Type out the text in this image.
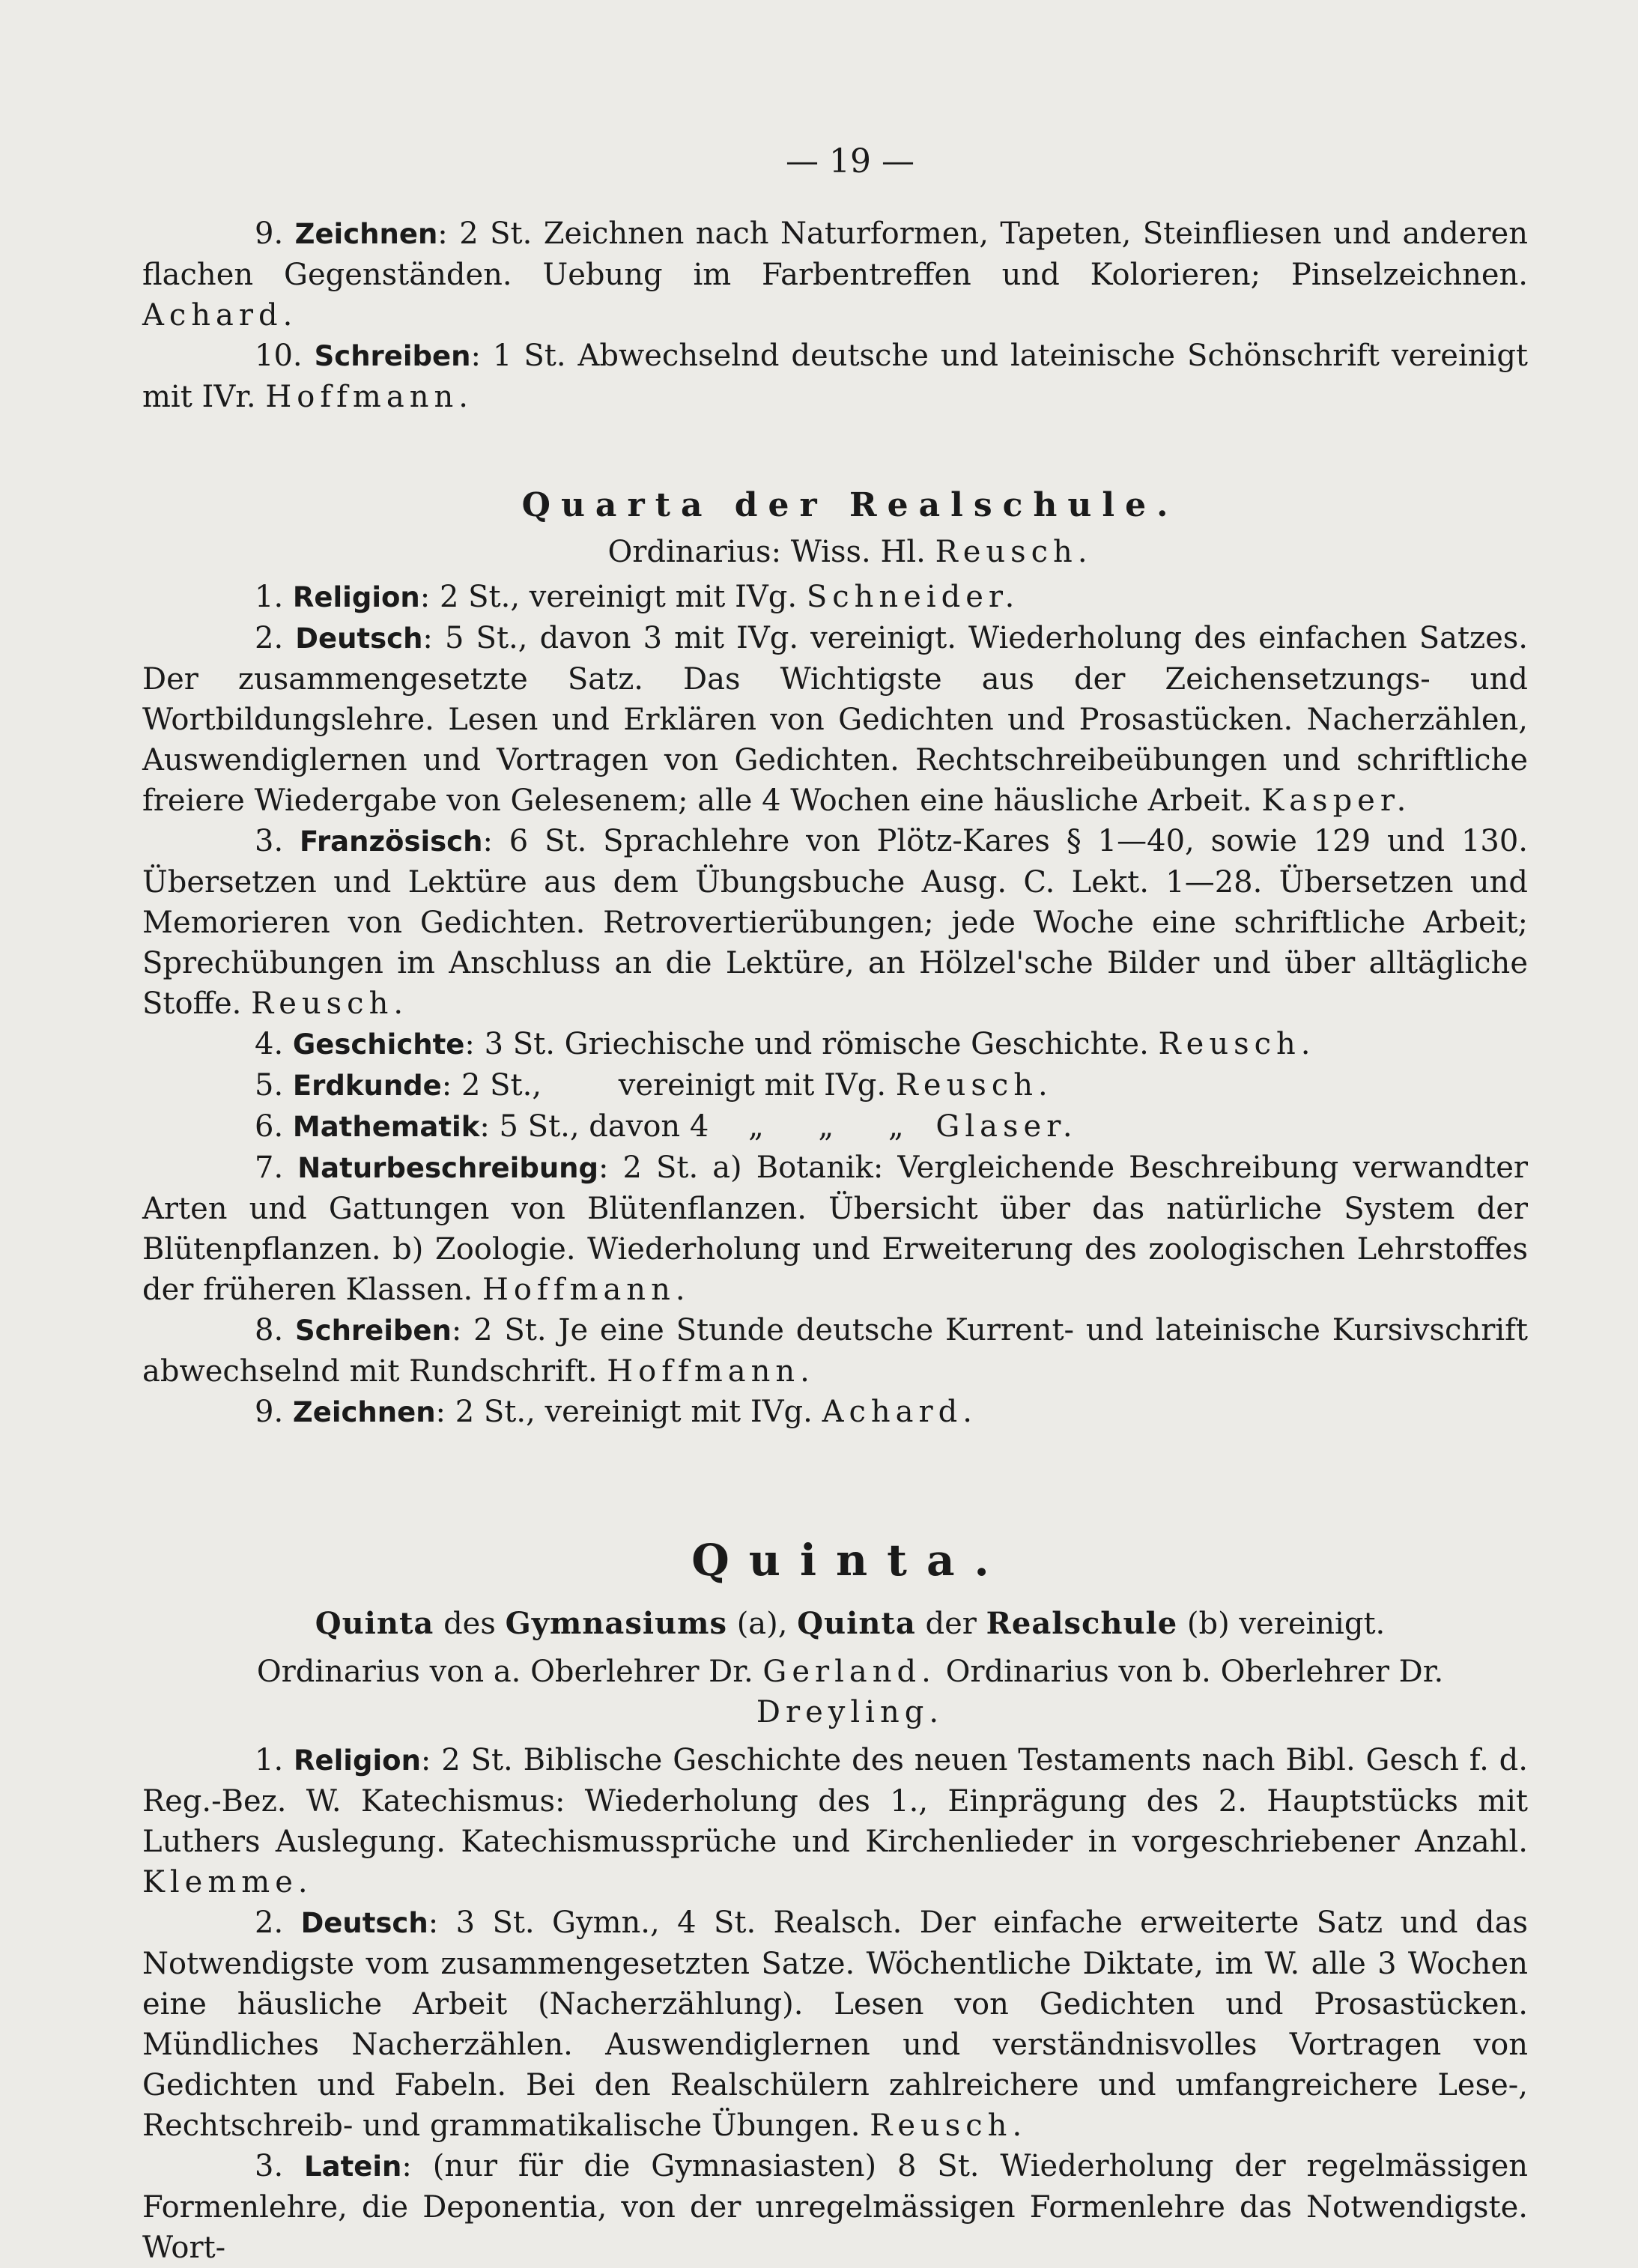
— 19 —

9. Zeichnen: 2 St. Zeichnen nach Naturformen, Tapeten, Steinfliesen und anderen flachen Gegenständen. Uebung im Farbentreffen und Kolorieren; Pinselzeichnen. Achard.

10. Schreiben: 1 St. Abwechselnd deutsche und lateinische Schönschrift vereinigt mit IVr. Hoffmann.

Quarta der Realschule.

Ordinarius: Wiss. Hl. Reusch.

1. Religion: 2 St., vereinigt mit IVg. Schneider.

2. Deutsch: 5 St., davon 3 mit IVg. vereinigt. Wiederholung des einfachen Satzes. Der zusammengesetzte Satz. Das Wichtigste aus der Zeichensetzungs- und Wortbildungslehre. Lesen und Erklären von Gedichten und Prosastücken. Nacherzählen, Auswendiglernen und Vortragen von Gedichten. Rechtschreibeübungen und schriftliche freiere Wiedergabe von Gelesenem; alle 4 Wochen eine häusliche Arbeit. Kasper.

3. Französisch: 6 St. Sprachlehre von Plötz-Kares § 1—40, sowie 129 und 130. Übersetzen und Lektüre aus dem Übungsbuche Ausg. C. Lekt. 1—28. Übersetzen und Memorieren von Gedichten. Retrovertierübungen; jede Woche eine schriftliche Arbeit; Sprechübungen im Anschluss an die Lektüre, an Hölzel'sche Bilder und über alltägliche Stoffe. Reusch.

4. Geschichte: 3 St. Griechische und römische Geschichte. Reusch.

5. Erdkunde: 2 St.,	vereinigt mit IVg. Reusch.

6. Mathematik: 5 St., davon 4 „ „ „ Glaser.

7. Naturbeschreibung: 2 St. a) Botanik: Vergleichende Beschreibung verwandter Arten und Gattungen von Blütenflanzen. Übersicht über das natürliche System der Blütenpflanzen. b) Zoologie. Wiederholung und Erweiterung des zoologischen Lehrstoffes der früheren Klassen. Hoffmann.

8. Schreiben: 2 St. Je eine Stunde deutsche Kurrent- und lateinische Kursivschrift abwechselnd mit Rundschrift. Hoffmann.

9. Zeichnen: 2 St., vereinigt mit IVg. Achard.

Quinta.

Quinta des Gymnasiums (a), Quinta der Realschule (b) vereinigt.

Ordinarius von a. Oberlehrer Dr. Gerland. Ordinarius von b. Oberlehrer Dr. Dreyling.

1. Religion: 2 St. Biblische Geschichte des neuen Testaments nach Bibl. Gesch f. d. Reg.-Bez. W. Katechismus: Wiederholung des 1., Einprägung des 2. Hauptstücks mit Luthers Auslegung. Katechismussprüche und Kirchenlieder in vorgeschriebener Anzahl. Klemme.

2. Deutsch: 3 St. Gymn., 4 St. Realsch. Der einfache erweiterte Satz und das Notwendigste vom zusammengesetzten Satze. Wöchentliche Diktate, im W. alle 3 Wochen eine häusliche Arbeit (Nacherzählung). Lesen von Gedichten und Prosastücken. Mündliches Nacherzählen. Auswendiglernen und verständnisvolles Vortragen von Gedichten und Fabeln. Bei den Realschülern zahlreichere und umfangreichere Lese-, Rechtschreib- und grammatikalische Übungen. Reusch.

3. Latein: (nur für die Gymnasiasten) 8 St. Wiederholung der regelmässigen Formenlehre, die Deponentia, von der unregelmässigen Formenlehre das Notwendigste. Wort-
